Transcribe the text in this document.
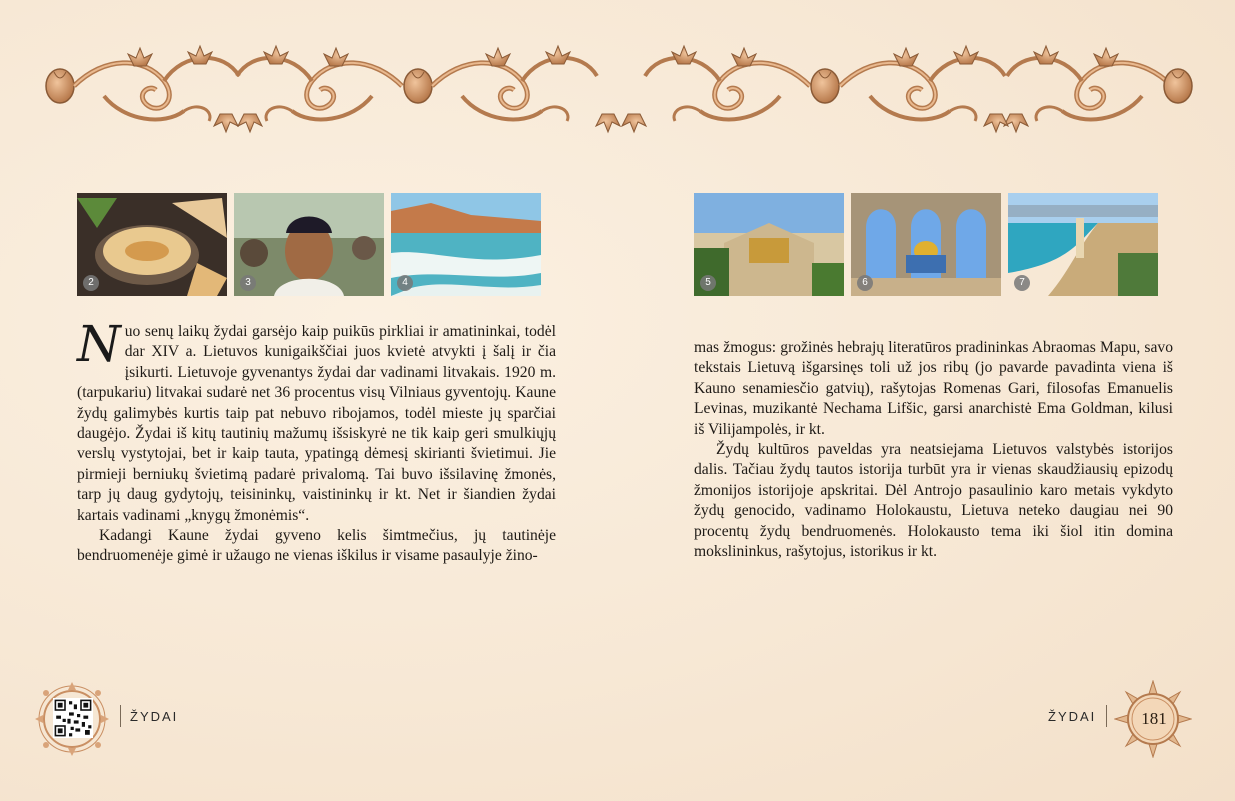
2	3	4	5	6	7

Nuo senų laikų žydai garsėjo kaip puikūs pirkliai ir amatininkai, todėl dar XIV a. Lietuvos kunigaikščiai juos kvietė atvykti į šalį ir čia įsikurti. Lietuvoje gyvenantys žydai dar vadinami litvakais. 1920 m. (tarpukariu) litvakai sudarė net 36 procentus visų Vilniaus gyventojų. Kaune žydų galimybės kurtis taip pat nebuvo ribojamos, todėl mieste jų sparčiai daugėjo. Žydai iš kitų tautinių mažumų išsiskyrė ne tik kaip geri smulkiųjų verslų vystytojai, bet ir kaip tauta, ypatingą dėmesį skirianti švietimui. Jie pirmieji berniukų švietimą padarė privalomą. Tai buvo išsilavinę žmonės, tarp jų daug gydytojų, teisininkų, vaistininkų ir kt. Net ir šiandien žydai kartais vadinami „knygų žmonėmis“.

Kadangi Kaune žydai gyveno kelis šimtmečius, jų tautinėje bendruomenėje gimė ir užaugo ne vienas iškilus ir visame pasaulyje žino-

mas žmogus: grožinės hebrajų literatūros pradininkas Abraomas Mapu, savo tekstais Lietuvą išgarsinęs toli už jos ribų (jo pavarde pavadinta viena iš Kauno senamiesčio gatvių), rašytojas Romenas Gari, filosofas Emanuelis Levinas, muzikantė Nechama Lifšic, garsi anarchistė Ema Goldman, kilusi iš Vilijampolės, ir kt.

Žydų kultūros paveldas yra neatsiejama Lietuvos valstybės istorijos dalis. Tačiau žydų tautos istorija turbūt yra ir vienas skaudžiausių epizodų žmonijos istorijoje apskritai. Dėl Antrojo pasaulinio karo metais vykdyto žydų genocido, vadinamo Holokaustu, Lietuva neteko daugiau nei 90 procentų žydų bendruomenės. Holokausto tema iki šiol itin domina mokslininkus, rašytojus, istorikus ir kt.

ŽYDAI	ŽYDAI	181
